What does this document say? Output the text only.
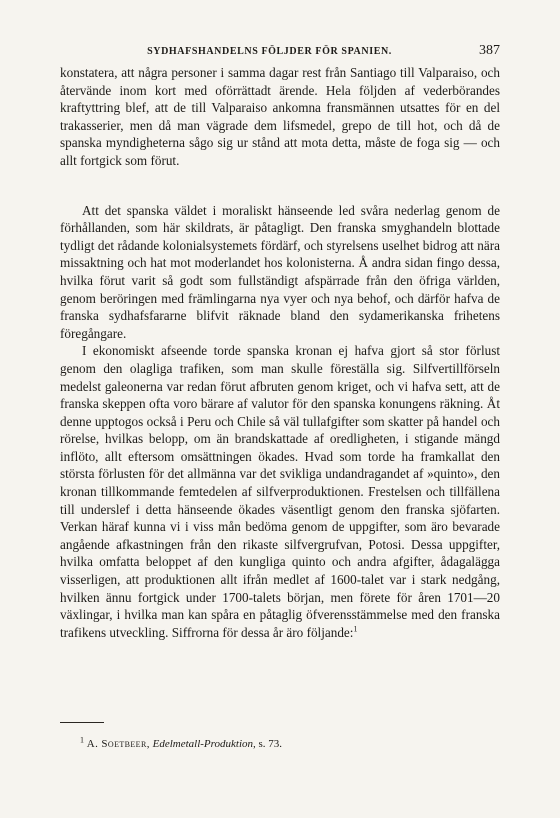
SYDHAFSHANDELNS FÖLJDER FÖR SPANIEN.	387

konstatera, att några personer i samma dagar rest från Santiago till Valparaiso, och återvände inom kort med oförrättadt ärende. Hela följden af vederbörandes kraftyttring blef, att de till Valparaiso ankomna fransmännen utsattes för en del trakasserier, men då man vägrade dem lifsmedel, grepo de till hot, och då de spanska myndigheterna sågo sig ur stånd att mota detta, måste de foga sig — och allt fortgick som förut.

Att det spanska väldet i moraliskt hänseende led svåra nederlag genom de förhållanden, som här skildrats, är påtagligt. Den franska smyghandeln blottade tydligt det rådande kolonialsystemets fördärf, och styrelsens uselhet bidrog att nära missaktning och hat mot moderlandet hos kolonisterna. Å andra sidan fingo dessa, hvilka förut varit så godt som fullständigt afspärrade från den öfriga världen, genom beröringen med främlingarna nya vyer och nya behof, och därför hafva de franska sydhafsfararne blifvit räknade bland den sydamerikanska frihetens föregångare.

I ekonomiskt afseende torde spanska kronan ej hafva gjort så stor förlust genom den olagliga trafiken, som man skulle föreställa sig. Silfvertillförseln medelst galeonerna var redan förut afbruten genom kriget, och vi hafva sett, att de franska skeppen ofta voro bärare af valutor för den spanska konungens räkning. Åt denne upptogos också i Peru och Chile så väl tullafgifter som skatter på handel och rörelse, hvilkas belopp, om än brandskattade af oredligheten, i stigande mängd inflöto, allt eftersom omsättningen ökades. Hvad som torde ha framkallat den största förlusten för det allmänna var det svikliga undandragandet af »quinto», den kronan tillkommande femtedelen af silfverproduktionen. Frestelsen och tillfällena till underslef i detta hänseende ökades väsentligt genom den franska sjöfarten. Verkan häraf kunna vi i viss mån bedöma genom de uppgifter, som äro bevarade angående afkastningen från den rikaste silfvergrufvan, Potosi. Dessa uppgifter, hvilka omfatta beloppet af den kungliga quinto och andra afgifter, ådagalägga visserligen, att produktionen allt ifrån medlet af 1600-talet var i stark nedgång, hvilken ännu fortgick under 1700-talets början, men förete för åren 1701—20 växlingar, i hvilka man kan spåra en påtaglig öfverensstämmelse med den franska trafikens utveckling. Siffrorna för dessa år äro följande:$^1$

$^1$ A. Soetbeer, Edelmetall-Produktion, s. 73.
